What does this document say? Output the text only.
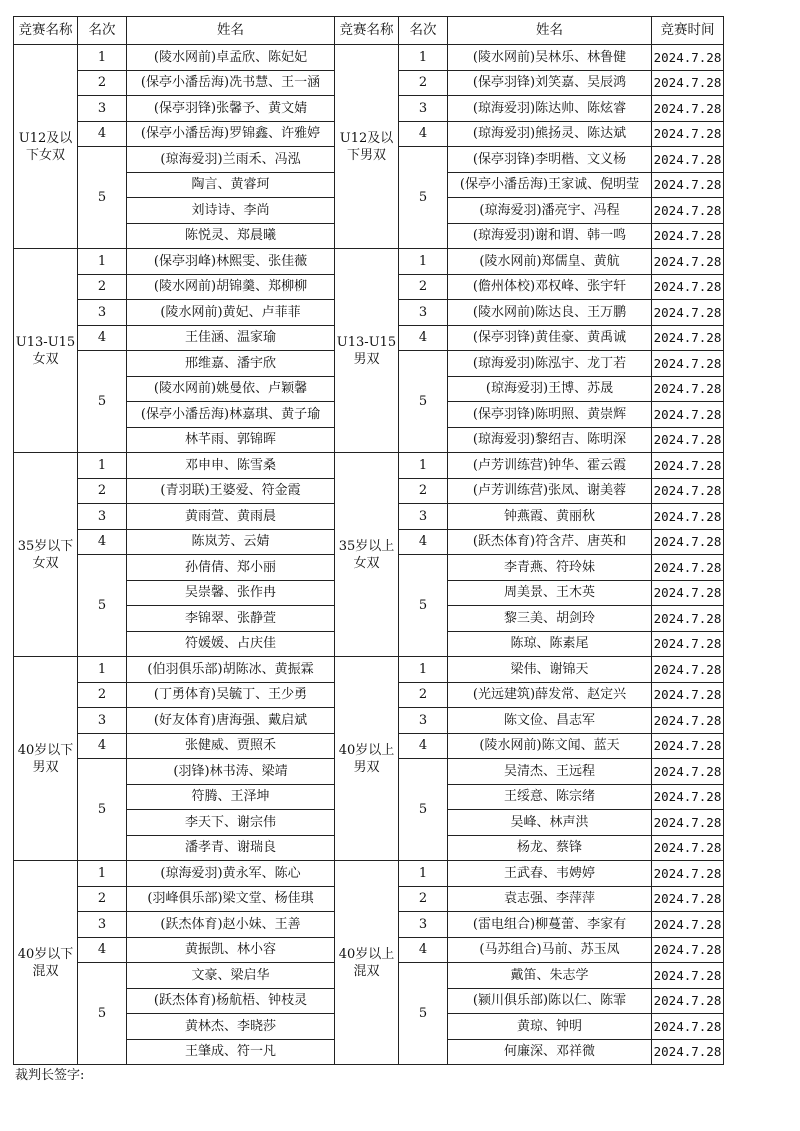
竞赛名称	名次	姓名	竞赛名称	名次	姓名	竞赛时间
U12及以下女双	1	(陵水网前)卓孟欣、陈妃妃	U12及以下男双	1	(陵水网前)吴林乐、林鲁健	2024.7.28
	2	(保亭小潘岳海)冼书慧、王一涵		2	(保亭羽锋)刘笑嘉、吴辰鸿	2024.7.28
	3	(保亭羽锋)张馨予、黄文婧		3	(琼海爱羽)陈达帅、陈炫睿	2024.7.28
	4	(保亭小潘岳海)罗锦鑫、许雅婷		4	(琼海爱羽)熊扬灵、陈达斌	2024.7.28
	5	(琼海爱羽)兰雨禾、冯泓		5	(保亭羽锋)李明楷、文义杨	2024.7.28
		陶言、黄睿珂			(保亭小潘岳海)王家诚、倪明莹	2024.7.28
		刘诗诗、李尚			(琼海爱羽)潘亮宇、冯程	2024.7.28
		陈悦灵、郑晨曦			(琼海爱羽)谢和谓、韩一鸣	2024.7.28
U13-U15女双	1	(保亭羽峰)林熙雯、张佳薇	U13-U15男双	1	(陵水网前)郑儒皇、黄航	2024.7.28
	2	(陵水网前)胡锦羹、郑柳柳		2	(儋州体校)邓权峰、张宇轩	2024.7.28
	3	(陵水网前)黄妃、卢菲菲		3	(陵水网前)陈达良、王万鹏	2024.7.28
	4	王佳涵、温家瑜		4	(保亭羽锋)黄佳豪、黄禹诚	2024.7.28
	5	邢维嘉、潘宇欣		5	(琼海爱羽)陈泓宇、龙丁若	2024.7.28
		(陵水网前)姚曼依、卢颖馨			(琼海爱羽)王博、苏晟	2024.7.28
		(保亭小潘岳海)林嘉琪、黄子瑜			(保亭羽锋)陈明照、黄崇辉	2024.7.28
		林芊雨、郭锦晖			(琼海爱羽)黎绍吉、陈明深	2024.7.28
35岁以下女双	1	邓申申、陈雪桑	35岁以上女双	1	(卢芳训练营)钟华、霍云霞	2024.7.28
	2	(青羽联)王婆爱、符金霞		2	(卢芳训练营)张凤、谢美蓉	2024.7.28
	3	黄雨萱、黄雨晨		3	钟燕霞、黄丽秋	2024.7.28
	4	陈岚芳、云婧		4	(跃杰体育)符含芹、唐英和	2024.7.28
	5	孙倩倩、郑小丽		5	李青燕、符玲妹	2024.7.28
		吴崇馨、张作冉			周美景、王木英	2024.7.28
		李锦翠、张静萱			黎三美、胡剑玲	2024.7.28
		符媛媛、占庆佳			陈琼、陈素尾	2024.7.28
40岁以下男双	1	(伯羽俱乐部)胡陈冰、黄振霖	40岁以上男双	1	梁伟、谢锦天	2024.7.28
	2	(丁勇体育)吴毓丁、王少勇		2	(光远建筑)薛发常、赵定兴	2024.7.28
	3	(好友体育)唐海强、戴启斌		3	陈文俭、昌志军	2024.7.28
	4	张健威、贾照禾		4	(陵水网前)陈文闻、蓝天	2024.7.28
	5	(羽锋)林书涛、梁靖		5	吴清杰、王远程	2024.7.28
		符腾、王泽坤			王绥意、陈宗绪	2024.7.28
		李天下、谢宗伟			吴峰、林声洪	2024.7.28
		潘孝青、谢瑞良			杨龙、蔡锋	2024.7.28
40岁以下混双	1	(琼海爱羽)黄永军、陈心	40岁以上混双	1	王武春、韦娉婷	2024.7.28
	2	(羽峰俱乐部)梁文堂、杨佳琪		2	袁志强、李萍萍	2024.7.28
	3	(跃杰体育)赵小妹、王善		3	(雷电组合)柳蔓蕾、李家有	2024.7.28
	4	黄振凯、林小容		4	(马苏组合)马前、苏玉凤	2024.7.28
	5	文豪、梁启华		5	戴笛、朱志学	2024.7.28
		(跃杰体育)杨航梧、钟枝灵			(颍川俱乐部)陈以仁、陈霏	2024.7.28
		黄林杰、李晓莎			黄琼、钟明	2024.7.28
		王肇成、符一凡			何廉深、邓祥微	2024.7.28
裁判长签字:
